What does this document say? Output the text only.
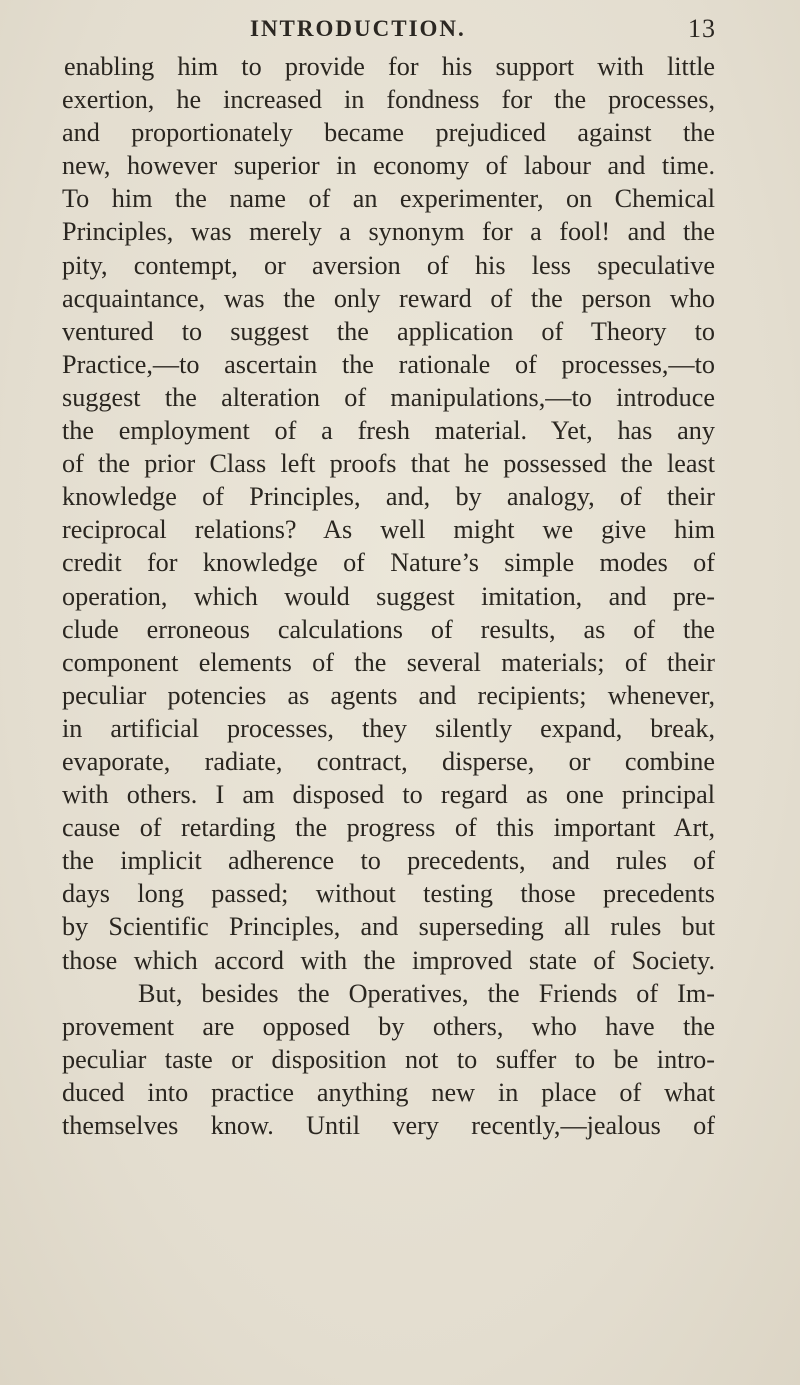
INTRODUCTION.	13
enabling him to provide for his support with little
exertion, he increased in fondness for the processes,
and proportionately became prejudiced against the
new, however superior in economy of labour and time.
To him the name of an experimenter, on Chemical
Principles, was merely a synonym for a fool! and the
pity, contempt, or aversion of his less speculative
acquaintance, was the only reward of the person who
ventured to suggest the application of Theory to
Practice,—to ascertain the rationale of processes,—to
suggest the alteration of manipulations,—to introduce
the employment of a fresh material. Yet, has any
of the prior Class left proofs that he possessed the least
knowledge of Principles, and, by analogy, of their
reciprocal relations? As well might we give him
credit for knowledge of Nature’s simple modes of
operation, which would suggest imitation, and pre-
clude erroneous calculations of results, as of the
component elements of the several materials; of their
peculiar potencies as agents and recipients; whenever,
in artificial processes, they silently expand, break,
evaporate, radiate, contract, disperse, or combine
with others. I am disposed to regard as one principal
cause of retarding the progress of this important Art,
the implicit adherence to precedents, and rules of
days long passed; without testing those precedents
by Scientific Principles, and superseding all rules but
those which accord with the improved state of Society.
But, besides the Operatives, the Friends of Im-
provement are opposed by others, who have the
peculiar taste or disposition not to suffer to be intro-
duced into practice anything new in place of what
themselves know. Until very recently,—jealous of
